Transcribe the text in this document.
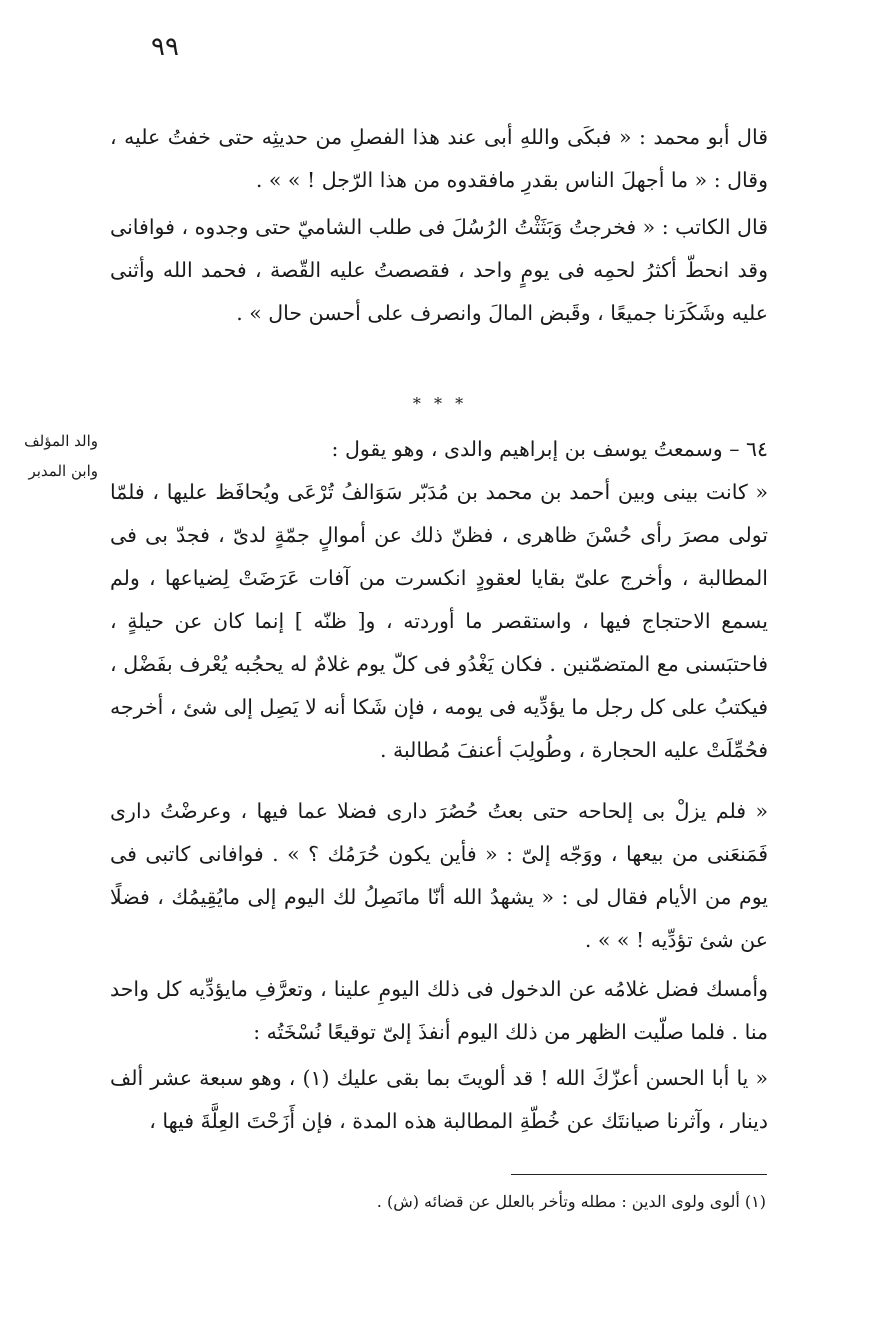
٩٩

قال أبو محمد : « فبكَى واللهِ أبى عند هذا الفصلِ من حديثِه حتى خفتُ عليه ، وقال : « ما أجهلَ الناس بقدرِ مافقدوه من هذا الرّجل ! » » .

قال الكاتب : « فخرجتُ وَبَثَثْتُ الرُسُلَ فى طلب الشاميّ حتى وجدوه ، فوافانى وقد انحطّ أكثرُ لحمِه فى يومٍ واحد ، فقصصتُ عليه القّصة ، فحمد الله وأثنى عليه وشَكَرَنا جميعًا ، وقَبض المالَ وانصرف على أحسن حال » .

* * *
والد المؤلف
وابن المدبر

٦٤ – وسمعتُ يوسف بن إبراهيم والدى ، وهو يقول :

« كانت بينى وبين أحمد بن محمد بن مُدَبّر سَوَالفُ تُرْعَى ويُحافَظ عليها ، فلمّا تولى مصرَ رأى حُسْنَ ظاهرى ، فظنّ ذلك عن أموالٍ جمّةٍ لدىّ ، فجدّ بى فى المطالبة ، وأخرج علىّ بقايا لعقودٍ انكسرت من آفات عَرَضَتْ لِضياعها ، ولم يسمع الاحتجاج فيها ، واستقصر ما أوردته ، و[ ظنّه ] إنما كان عن حيلةٍ ، فاحتبَسنى مع المتضمّنين . فكان يَغْدُو فى كلّ يوم غلامٌ له يحجُبه يُعْرف بفَضْل ، فيكتبُ على كل رجل ما يؤدِّيه فى يومه ، فإن شَكا أنه لا يَصِل إلى شئ ، أخرجه فحُمِّلَتْ عليه الحجارة ، وطُولِبَ أعنفَ مُطالبة .

« فلم يزلْ بى إلحاحه حتى بعتُ حُصُرَ دارى فضلا عما فيها ، وعرضْتُ دارى فَمَنعَنى من بيعها ، ووَجّه إلىّ : « فأين يكون حُرَمُك ؟ » . فوافانى كاتبى فى يوم من الأيام فقال لى : « يشهدُ الله أنّا مانَصِلُ لك اليوم إلى مايُقِيمُك ، فضلًا عن شئ تؤدِّيه ! » » .

وأمسك فضل غلامُه عن الدخول فى ذلك اليومِ علينا ، وتعرَّفِ مايؤدِّيه كل واحد منا . فلما صلّيت الظهر من ذلك اليوم أنفذَ إلىّ توقيعًا نُسْخَتُه :

« يا أبا الحسن أعزّكَ الله ! قد ألويتَ بما بقى عليك (١) ، وهو سبعة عشر ألف دينار ، وآثرنا صيانتَك عن خُطّةِ المطالبة هذه المدة ، فإن أَزَحْتَ العِلَّةَ فيها ،

(١) ألوى ولوى الدين : مطله وتأخر بالعلل عن قضائه (ش) .
